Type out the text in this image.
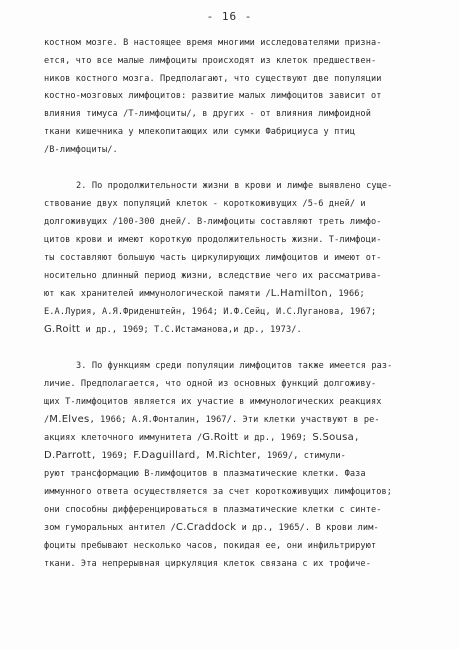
- 16 -
костном мозге. В настоящее время многими исследователями признa-
ется, что все малые лимфоциты происходят из клеток предшествен-
ников костного мозга. Предполагают, что существуют две популяции
костно-мозговых лимфоцитов: развитие малых лимфоцитов зависит от
влияния тимуса /Т-лимфоциты/, в других - от влияния лимфоидной
ткани кишечника у млекопитающих или сумки Фабрициуса у птиц
/В-лимфоциты/.
2. По продолжительности жизни в крови и лимфе выявлено суще-
ствование двух популяций клеток - короткоживущих /5-6 дней/ и
долгоживущих /100-300 дней/. В-лимфоциты составляют треть лимфо-
цитов крови и имеют короткую продолжительность жизни. Т-лимфоци-
ты составляют большую часть циркулирующих лимфоцитов и имеют от-
носительно длинный период жизни, вследствие чего их рассматрива-
ют как хранителей иммунологической памяти /L.Hamilton, 1966;
Е.А.Лурия, А.Я.Фриденштейн, 1964; И.Ф.Сейц, И.С.Луганова, 1967;
G.Roitt и др., 1969; Т.С.Истаманова,и др., 1973/.
3. По функциям среди популяции лимфоцитов также имеется раз-
личие. Предполагается, что одной из основных функций долгоживу-
щих Т-лимфоцитов является их участие в иммунологических реакциях
/M.Elves, 1966; А.Я.Фонталин, 1967/. Эти клетки участвуют в ре-
акциях клеточного иммунитета /G.Roitt и др., 1969; S.Sousa,
D.Parrott, 1969; F.Daguillard, M.Richter, 1969/, стимули-
руют трансформацию В-лимфоцитов в плазматические клетки. Фаза
иммунного ответа осуществляется за счет короткоживущих лимфоцитов;
они способны дифференцироваться в плазматические клетки с синте-
зом гуморальных антител /C.Craddock и др., 1965/. В крови лим-
фоциты пребывают несколько часов, покидая ее, они инфильтрируют
ткани. Эта непрерывная циркуляция клеток связана с их трофиче-
